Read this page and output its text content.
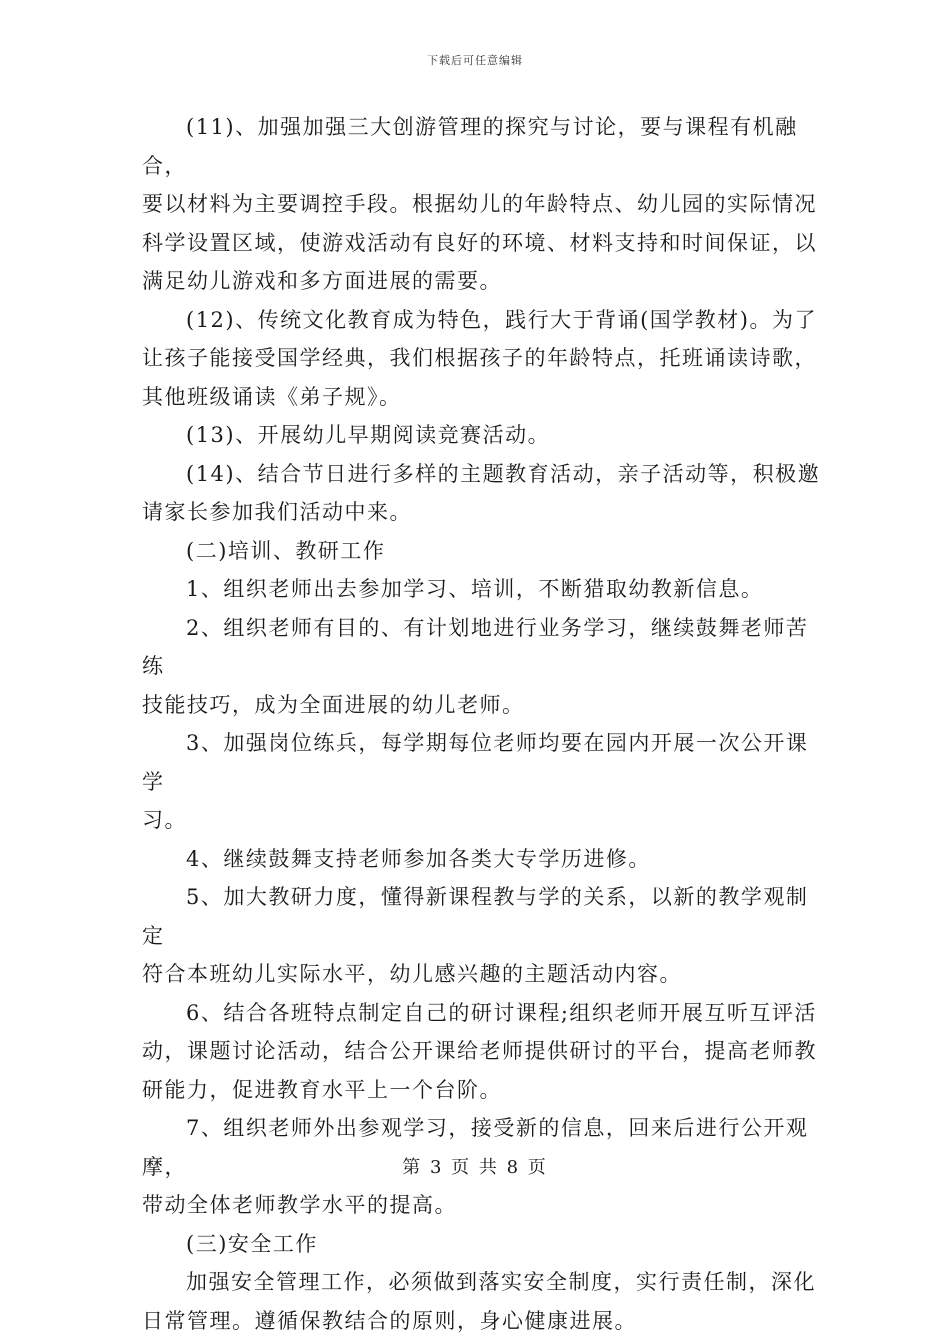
下载后可任意编辑

(11)、加强加强三大创游管理的探究与讨论，要与课程有机融合，
要以材料为主要调控手段。根据幼儿的年龄特点、幼儿园的实际情况
科学设置区域，使游戏活动有良好的环境、材料支持和时间保证，以
满足幼儿游戏和多方面进展的需要。

(12)、传统文化教育成为特色，践行大于背诵(国学教材)。为了
让孩子能接受国学经典，我们根据孩子的年龄特点，托班诵读诗歌，
其他班级诵读《弟子规》。

(13)、开展幼儿早期阅读竞赛活动。

(14)、结合节日进行多样的主题教育活动，亲子活动等，积极邀
请家长参加我们活动中来。

(二)培训、教研工作

1、组织老师出去参加学习、培训，不断猎取幼教新信息。

2、组织老师有目的、有计划地进行业务学习，继续鼓舞老师苦练
技能技巧，成为全面进展的幼儿老师。

3、加强岗位练兵，每学期每位老师均要在园内开展一次公开课学
习。

4、继续鼓舞支持老师参加各类大专学历进修。

5、加大教研力度，懂得新课程教与学的关系，以新的教学观制定
符合本班幼儿实际水平，幼儿感兴趣的主题活动内容。

6、结合各班特点制定自己的研讨课程;组织老师开展互听互评活
动，课题讨论活动，结合公开课给老师提供研讨的平台，提高老师教
研能力，促进教育水平上一个台阶。

7、组织老师外出参观学习，接受新的信息，回来后进行公开观摩，
带动全体老师教学水平的提高。

(三)安全工作

加强安全管理工作，必须做到落实安全制度，实行责任制，深化
日常管理。遵循保教结合的原则，身心健康进展。

第 3 页 共 8 页
